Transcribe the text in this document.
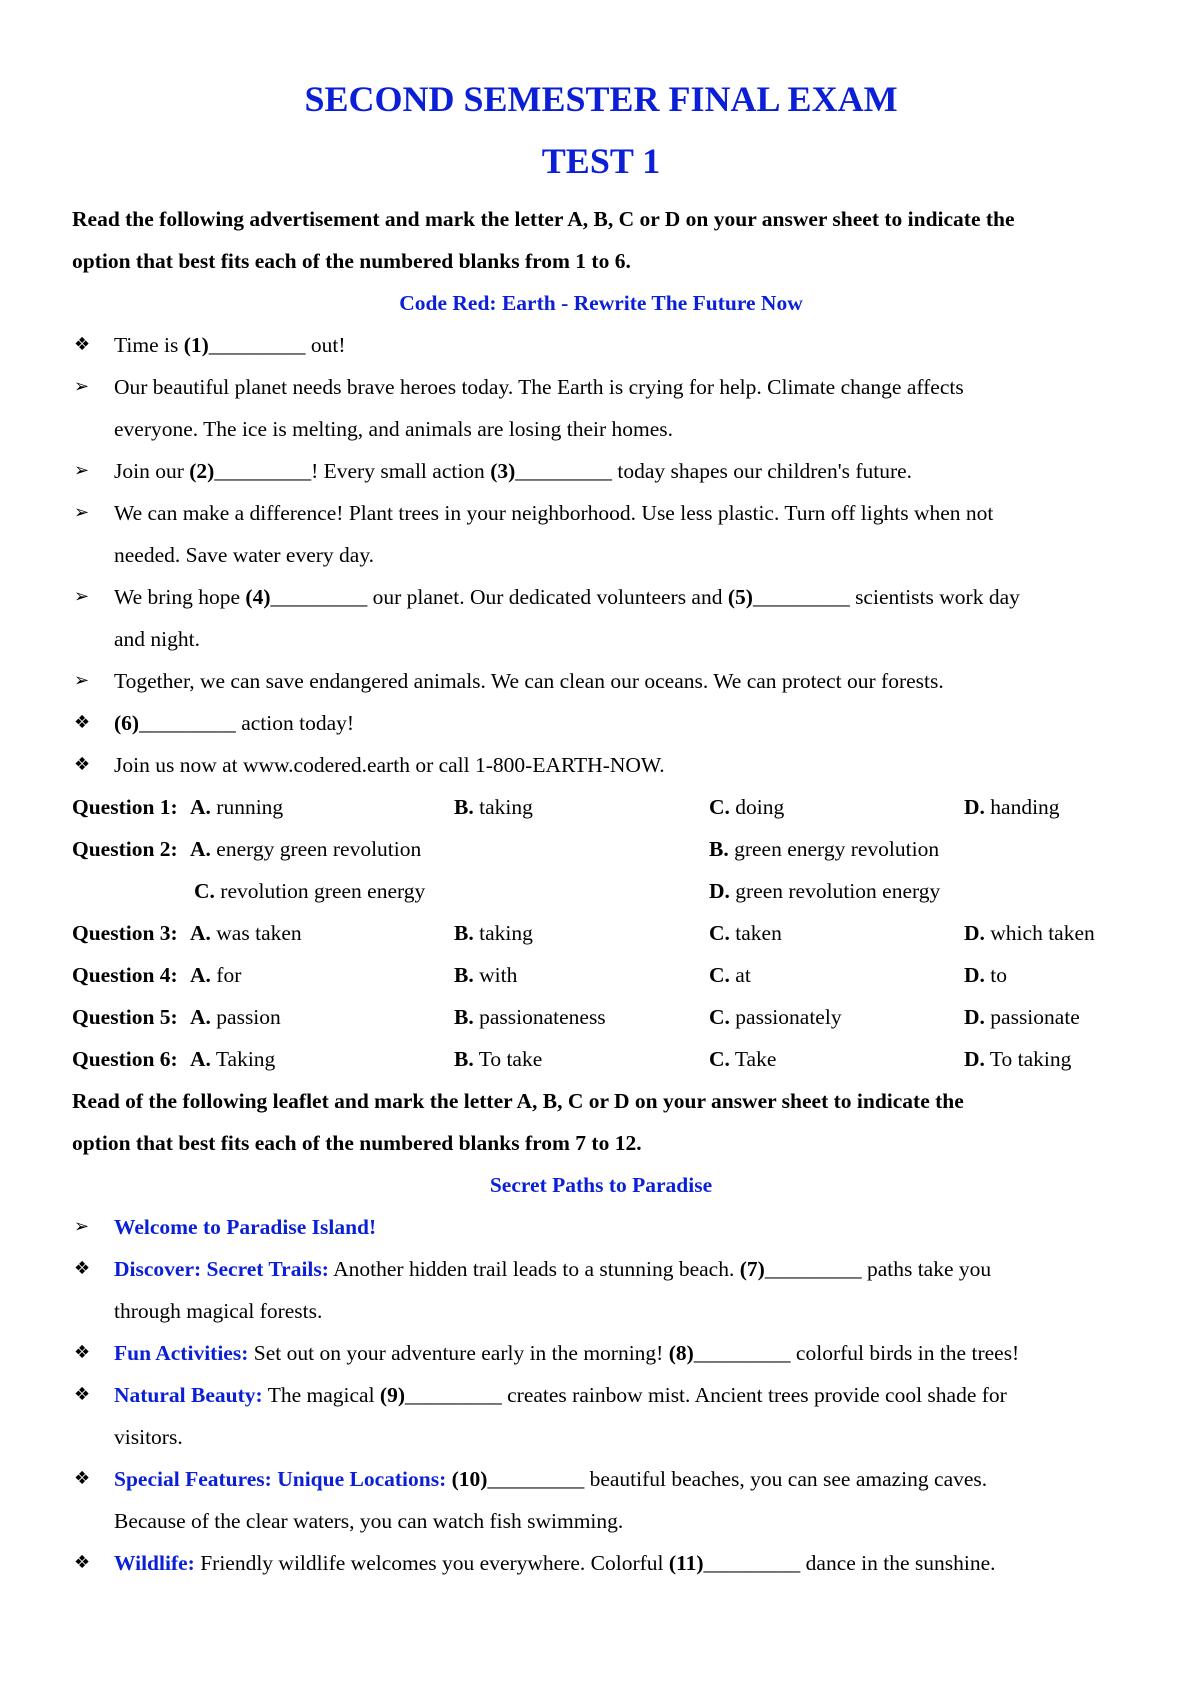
SECOND SEMESTER FINAL EXAM

TEST 1

Read the following advertisement and mark the letter A, B, C or D on your answer sheet to indicate the
option that best fits each of the numbered blanks from 1 to 6.

Code Red: Earth - Rewrite The Future Now

❖	Time is (1)_________ out!
➢	Our beautiful planet needs brave heroes today. The Earth is crying for help. Climate change affects
everyone. The ice is melting, and animals are losing their homes.
➢	Join our (2)_________! Every small action (3)_________ today shapes our children's future.
➢	We can make a difference! Plant trees in your neighborhood. Use less plastic. Turn off lights when not
needed. Save water every day.
➢	We bring hope (4)_________ our planet. Our dedicated volunteers and (5)_________ scientists work day
and night.
➢	Together, we can save endangered animals. We can clean our oceans. We can protect our forests.
❖	(6)_________ action today!
❖	Join us now at www.codered.earth or call 1-800-EARTH-NOW.
Question 1: A. running	B. taking	C. doing	D. handing
Question 2: A. energy green revolution	B. green energy revolution
C. revolution green energy	D. green revolution energy
Question 3: A. was taken	B. taking	C. taken	D. which taken
Question 4: A. for	B. with	C. at	D. to
Question 5: A. passion	B. passionateness	C. passionately	D. passionate
Question 6: A. Taking	B. To take	C. Take	D. To taking

Read of the following leaflet and mark the letter A, B, C or D on your answer sheet to indicate the
option that best fits each of the numbered blanks from 7 to 12.

Secret Paths to Paradise

➢	Welcome to Paradise Island!
❖	Discover: Secret Trails: Another hidden trail leads to a stunning beach. (7)_________ paths take you
through magical forests.
❖	Fun Activities: Set out on your adventure early in the morning! (8)_________ colorful birds in the trees!
❖	Natural Beauty: The magical (9)_________ creates rainbow mist. Ancient trees provide cool shade for
visitors.
❖	Special Features: Unique Locations: (10)_________ beautiful beaches, you can see amazing caves.
Because of the clear waters, you can watch fish swimming.
❖	Wildlife: Friendly wildlife welcomes you everywhere. Colorful (11)_________ dance in the sunshine.
